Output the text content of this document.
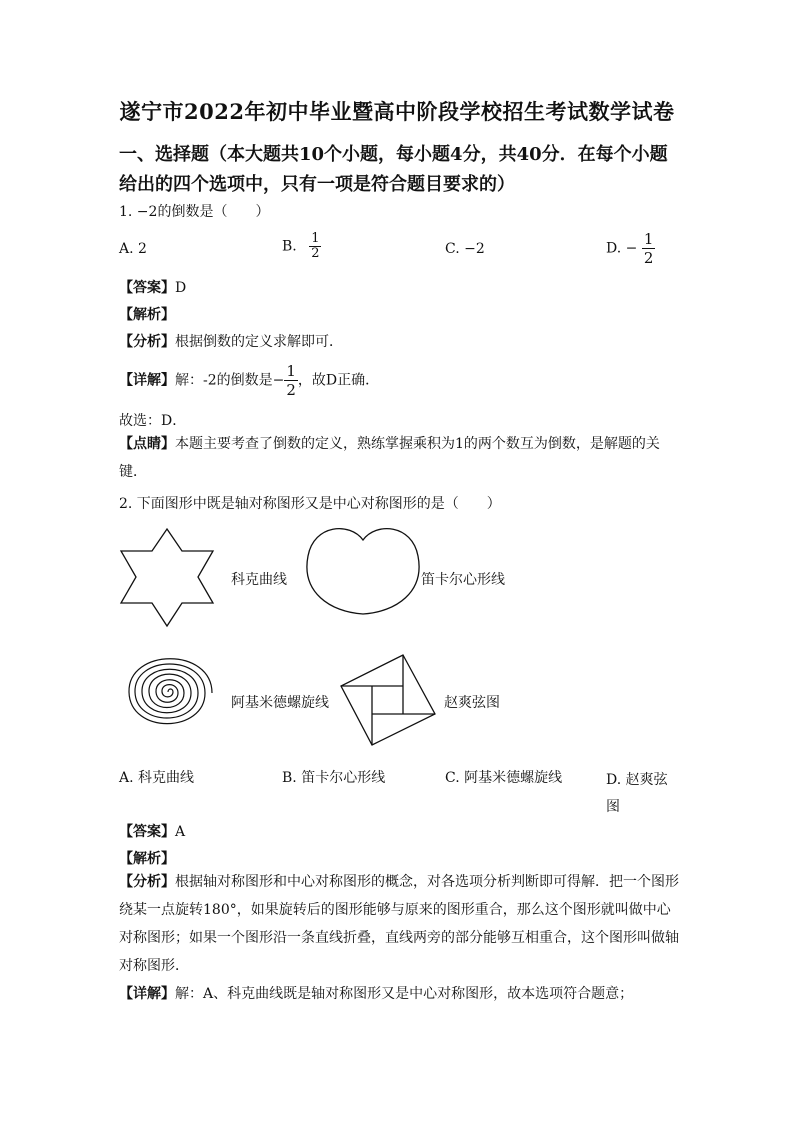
遂宁市2022年初中毕业暨高中阶段学校招生考试数学试卷
一、选择题（本大题共10个小题，每小题4分，共40分．在每个小题给出的四个选项中，只有一项是符合题目要求的）
1. −2的倒数是（　　）
A. 2	B. $\frac{1}{2}$	C. −2	D. − $\frac{1}{2}$
【答案】D
【解析】
【分析】根据倒数的定义求解即可．
【详解】解：-2的倒数是− $\frac{1}{2}$ ，故D正确．
故选：D．
【点睛】本题主要考查了倒数的定义，熟练掌握乘积为1的两个数互为倒数，是解题的关键．
2. 下面图形中既是轴对称图形又是中心对称图形的是（　　）
科克曲线	笛卡尔心形线
阿基米德螺旋线	赵爽弦图
A. 科克曲线	B. 笛卡尔心形线	C. 阿基米德螺旋线	D. 赵爽弦图
【答案】A
【解析】
【分析】根据轴对称图形和中心对称图形的概念，对各选项分析判断即可得解．把一个图形绕某一点旋转180°，如果旋转后的图形能够与原来的图形重合，那么这个图形就叫做中心对称图形；如果一个图形沿一条直线折叠，直线两旁的部分能够互相重合，这个图形叫做轴对称图形．
【详解】解：A、科克曲线既是轴对称图形又是中心对称图形，故本选项符合题意；
